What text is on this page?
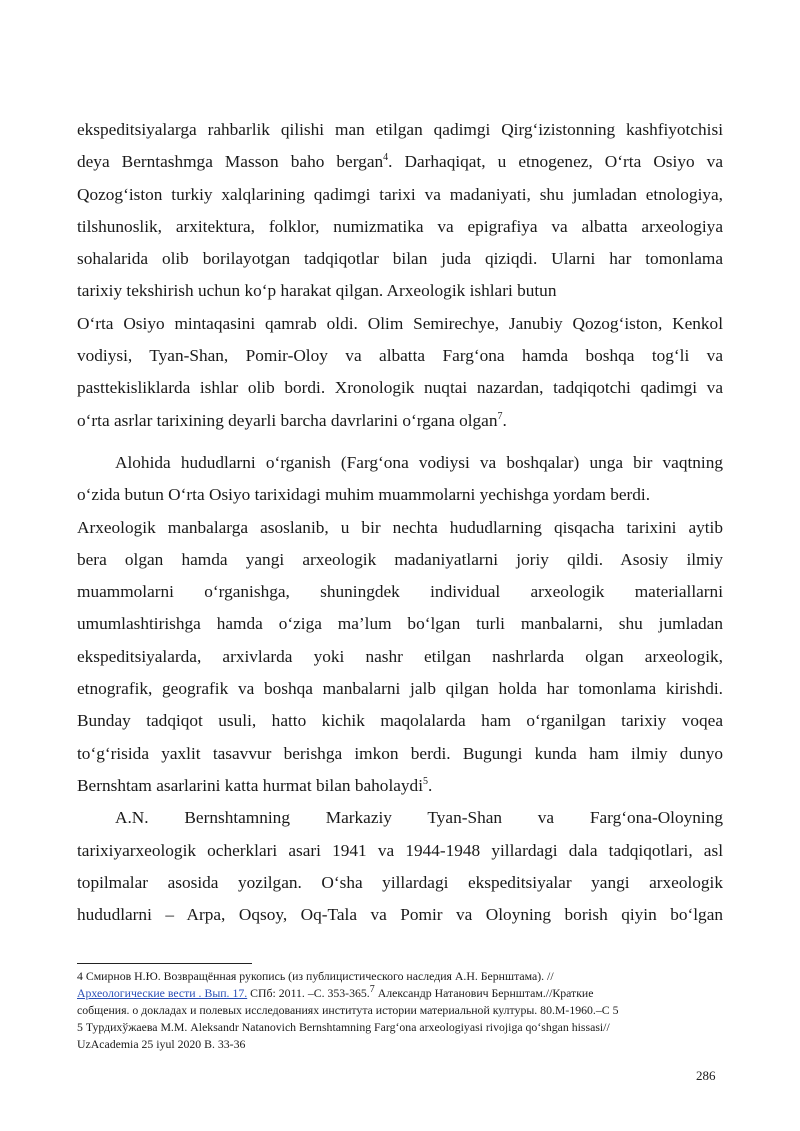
ekspeditsiyalarga rahbarlik qilishi man etilgan qadimgi Qirg‘izistonning kashfiyotchisi
deya Berntashmga Masson baho bergan$^4$. Darhaqiqat, u etnogenez, O‘rta Osiyo va
Qozog‘iston turkiy xalqlarining qadimgi tarixi va madaniyati, shu jumladan etnologiya,
tilshunoslik, arxitektura, folklor, numizmatika va epigrafiya va albatta arxeologiya
sohalarida olib borilayotgan tadqiqotlar bilan juda qiziqdi. Ularni har tomonlama
tarixiy tekshirish uchun ko‘p harakat qilgan. Arxeologik ishlari butun

O‘rta Osiyo mintaqasini qamrab oldi. Olim Semirechye, Janubiy Qozog‘iston, Kenkol
vodiysi, Tyan-Shan, Pomir-Oloy va albatta Farg‘ona hamda boshqa tog‘li va
pasttekisliklarda ishlar olib bordi. Xronologik nuqtai nazardan, tadqiqotchi qadimgi va
o‘rta asrlar tarixining deyarli barcha davrlarini o‘rgana olgan$^7$.

Alohida hududlarni o‘rganish (Farg‘ona vodiysi va boshqalar) unga bir vaqtning
o‘zida butun O‘rta Osiyo tarixidagi muhim muammolarni yechishga yordam berdi.
Arxeologik manbalarga asoslanib, u bir nechta hududlarning qisqacha tarixini aytib
bera olgan hamda yangi arxeologik madaniyatlarni joriy qildi. Asosiy ilmiy
muammolarni o‘rganishga, shuningdek individual arxeologik materiallarni
umumlashtirishga hamda o‘ziga ma’lum bo‘lgan turli manbalarni, shu jumladan
ekspeditsiyalarda, arxivlarda yoki nashr etilgan nashrlarda olgan arxeologik,
etnografik, geografik va boshqa manbalarni jalb qilgan holda har tomonlama kirishdi.
Bunday tadqiqot usuli, hatto kichik maqolalarda ham o‘rganilgan tarixiy voqea
to‘g‘risida yaxlit tasavvur berishga imkon berdi. Bugungi kunda ham ilmiy dunyo
Bernshtam asarlarini katta hurmat bilan baholaydi$^5$.

A.N. Bernshtamning Markaziy Tyan-Shan va Farg‘ona-Oloyning
tarixiyarxeologik ocherklari asari 1941 va 1944-1948 yillardagi dala tadqiqotlari, asl
topilmalar asosida yozilgan. O‘sha yillardagi ekspeditsiyalar yangi arxeologik
hududlarni – Arpa, Oqsoy, Oq-Tala va Pomir va Oloyning borish qiyin bo‘lgan

4 Смирнов Н.Ю. Возвращённая рукопись (из публицистического наследия А.Н. Бернштама). //
Археологические вести . Вып. 17. СПб: 2011. –С. 353-365.$^7$ Александр Натанович Бернштам.//Краткие
собщения. о докладах и полевых исследованиях института истории материальной културы. 80.М-1960.–С 5
5 Турдиxўжаева М.М. Aleksandr Natanovich Bernshtamning Farg‘ona arxeologiyasi rivojiga qo‘shgan hissasi//
UzAcademia 25 iyul 2020 B. 33-36
286
